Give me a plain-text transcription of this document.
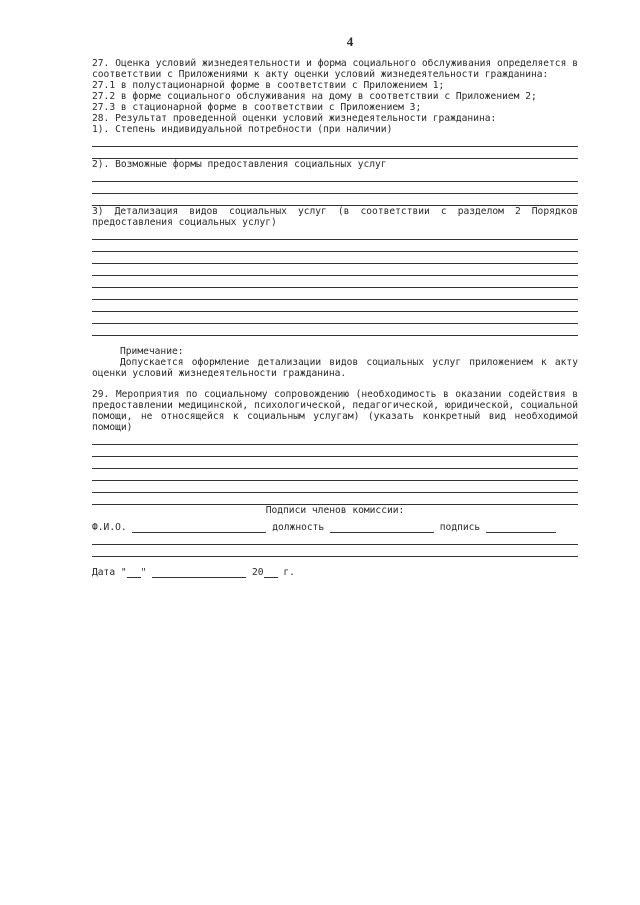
4

27. Оценка условий жизнедеятельности и форма социального обслуживания определяется в соответствии с Приложениями к акту оценки условий жизнедеятельности гражданина:

27.1 в полустационарной форме в соответствии с Приложением 1;
27.2 в форме социального обслуживания на дому в соответствии с Приложением 2;
27.3 в стационарной форме в соответствии с Приложением 3;
28. Результат проведенной оценки условий жизнедеятельности гражданина:
1). Степень индивидуальной потребности (при наличии)
2). Возможные формы предоставления социальных услуг

3) Детализация видов социальных услуг (в соответствии с разделом 2 Порядков предоставления социальных услуг)

Примечание:

Допускается оформление детализации видов социальных услуг приложением к акту оценки условий жизнедеятельности гражданина.

29. Мероприятия по социальному сопровождению (необходимость в оказании содействия в предоставлении медицинской, психологической, педагогической, юридической, социальной помощи, не относящейся к социальным услугам) (указать конкретный вид необходимой помощи)

Подписи членов комиссии:
Ф.И.О.	должность	подпись
Дата " "	20 г.
